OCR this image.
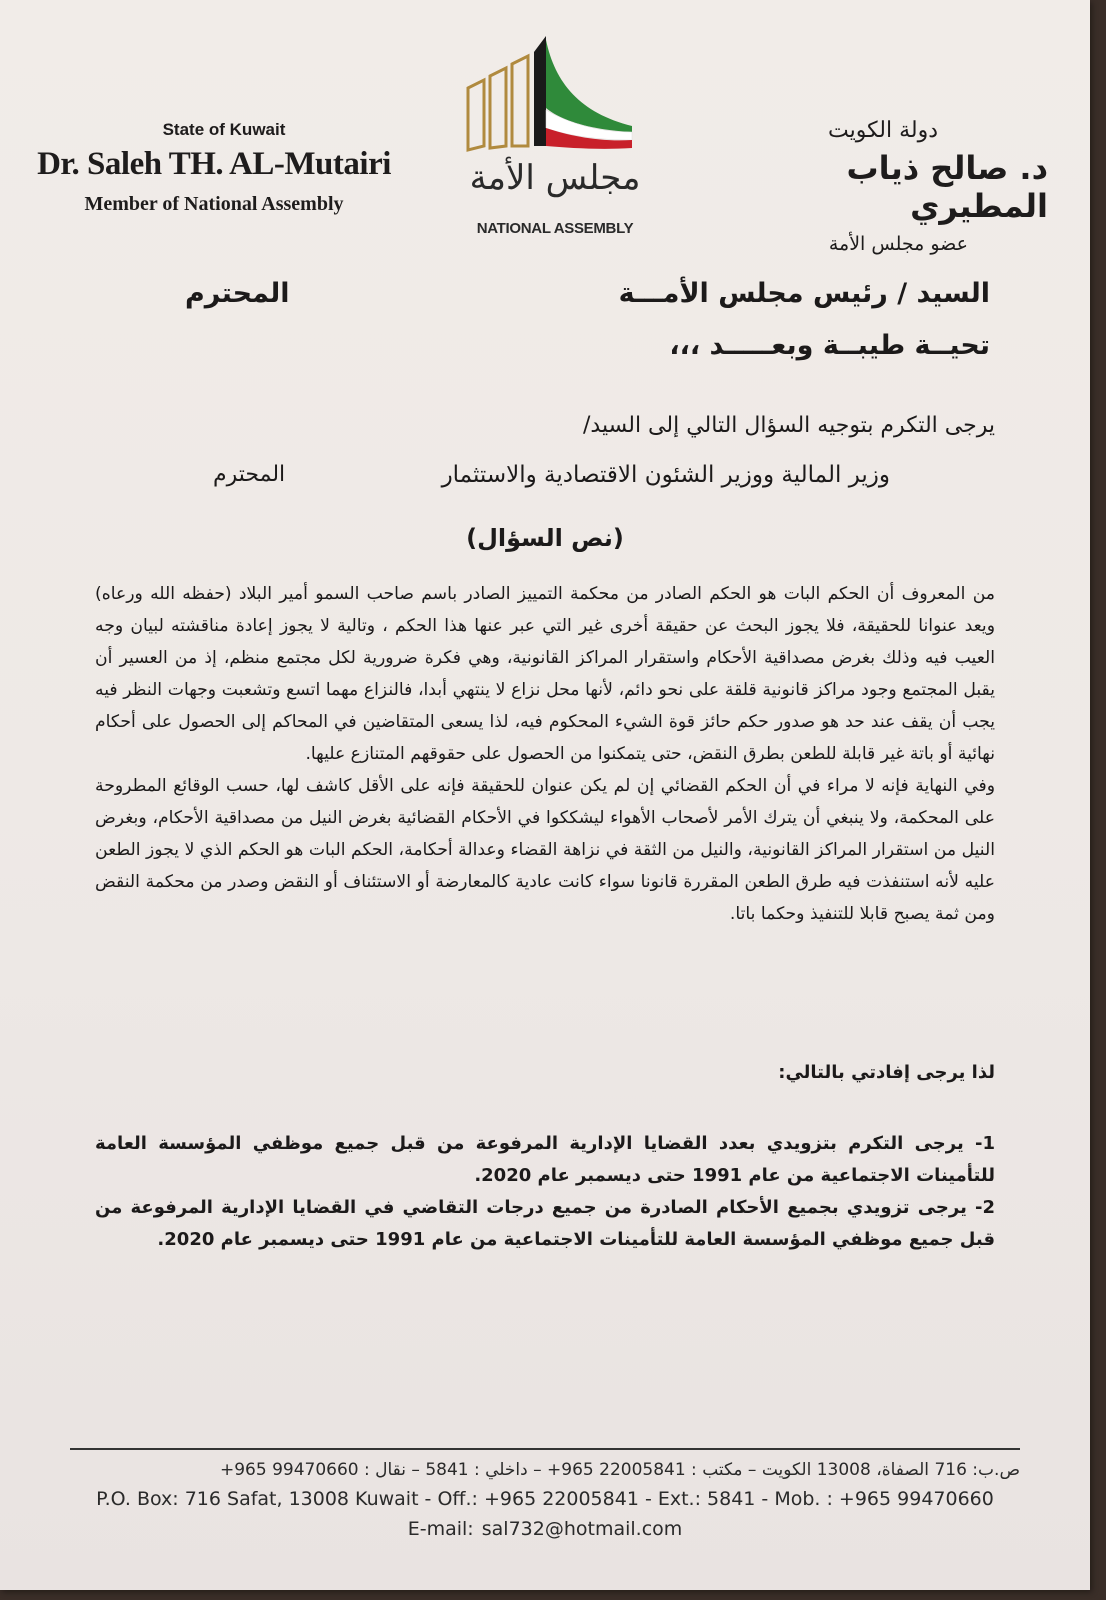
State of Kuwait
Dr. Saleh TH. AL-Mutairi
Member of National Assembly
مجلس الأمة
NATIONAL ASSEMBLY
دولة الكويت
د. صالح ذياب المطيري
عضو مجلس الأمة
السيد / رئيس مجلس الأمـــة
المحترم
تحيــة طيبــة وبعـــــد ،،،
يرجى التكرم بتوجيه السؤال التالي إلى السيد/
وزير المالية ووزير الشئون الاقتصادية والاستثمار
المحترم
(نص السؤال)

من المعروف أن الحكم البات هو الحكم الصادر من محكمة التمييز الصادر باسم صاحب السمو أمير البلاد (حفظه الله ورعاه) ويعد عنوانا للحقيقة، فلا يجوز البحث عن حقيقة أخرى غير التي عبر عنها هذا الحكم ، وتالية لا يجوز إعادة مناقشته لبيان وجه العيب فيه وذلك بغرض مصداقية الأحكام واستقرار المراكز القانونية، وهي فكرة ضرورية لكل مجتمع منظم، إذ من العسير أن يقبل المجتمع وجود مراكز قانونية قلقة على نحو دائم، لأنها محل نزاع لا ينتهي أبدا، فالنزاع مهما اتسع وتشعبت وجهات النظر فيه يجب أن يقف عند حد هو صدور حكم حائز قوة الشيء المحكوم فيه، لذا يسعى المتقاضين في المحاكم إلى الحصول على أحكام نهائية أو باتة غير قابلة للطعن بطرق النقض، حتى يتمكنوا من الحصول على حقوقهم المتنازع عليها.

وفي النهاية فإنه لا مراء في أن الحكم القضائي إن لم يكن عنوان للحقيقة فإنه على الأقل كاشف لها، حسب الوقائع المطروحة على المحكمة، ولا ينبغي أن يترك الأمر لأصحاب الأهواء ليشككوا في الأحكام القضائية بغرض النيل من مصداقية الأحكام، وبغرض النيل من استقرار المراكز القانونية، والنيل من الثقة في نزاهة القضاء وعدالة أحكامة، الحكم البات هو الحكم الذي لا يجوز الطعن عليه لأنه استنفذت فيه طرق الطعن المقررة قانونا سواء كانت عادية كالمعارضة أو الاستئناف أو النقض وصدر من محكمة النقض ومن ثمة يصبح قابلا للتنفيذ وحكما باتا.

لذا يرجى إفادتي بالتالي:

1- يرجى التكرم بتزويدي بعدد القضايا الإدارية المرفوعة من قبل جميع موظفي المؤسسة العامة للتأمينات الاجتماعية من عام 1991 حتى ديسمبر عام 2020.

2- يرجى تزويدي بجميع الأحكام الصادرة من جميع درجات التقاضي في القضايا الإدارية المرفوعة من قبل جميع موظفي المؤسسة العامة للتأمينات الاجتماعية من عام 1991 حتى ديسمبر عام 2020.

ص.ب: 716 الصفاة، 13008 الكويت – مكتب : 22005841 965+ – داخلي : 5841 – نقال : 99470660 965+
P.O. Box: 716 Safat, 13008 Kuwait - Off.: +965 22005841 - Ext.: 5841 - Mob. : +965 99470660
E-mail: sal732@hotmail.com
